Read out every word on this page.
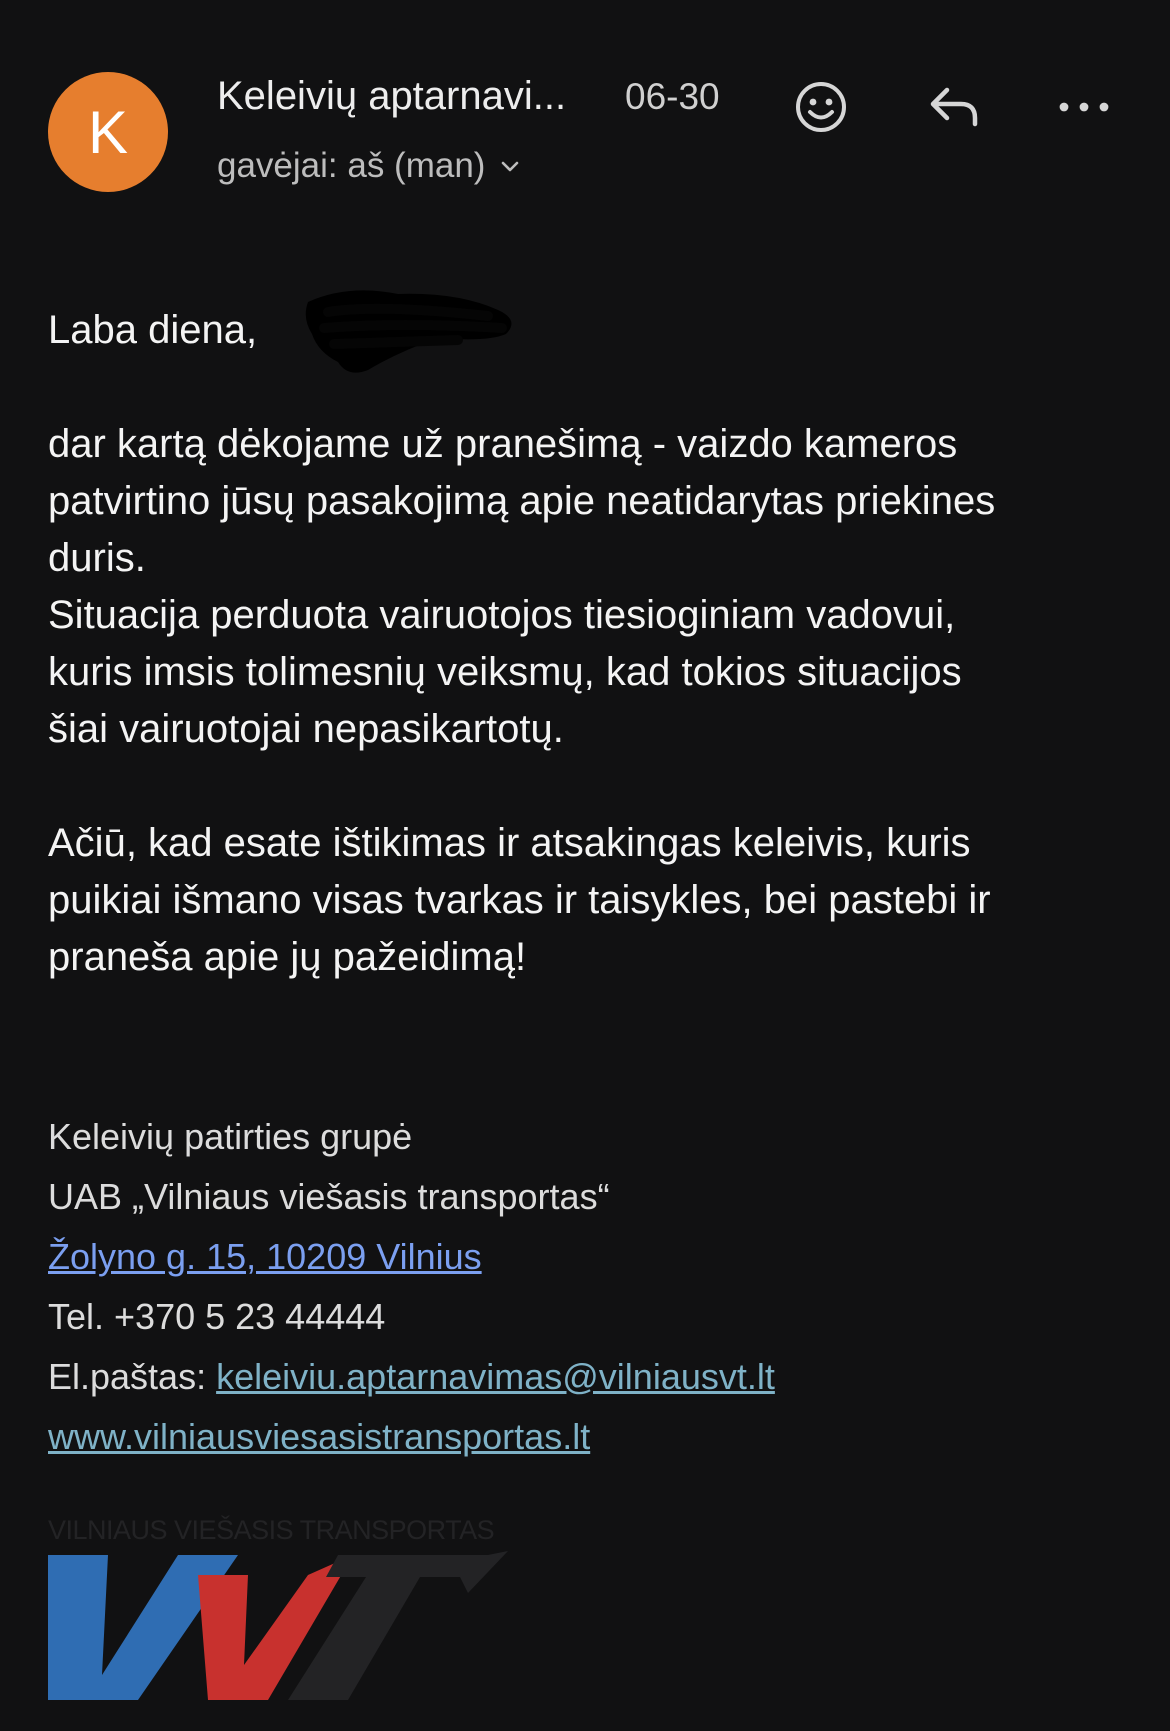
K
Keleivių aptarnavi... 06-30
gavėjai: aš (man)

Laba diena,

dar kartą dėkojame už pranešimą - vaizdo kameros

patvirtino jūsų pasakojimą apie neatidarytas priekines

duris.

Situacija perduota vairuotojos tiesioginiam vadovui,

kuris imsis tolimesnių veiksmų, kad tokios situacijos

šiai vairuotojai nepasikartotų.

Ačiū, kad esate ištikimas ir atsakingas keleivis, kuris

puikiai išmano visas tvarkas ir taisykles, bei pastebi ir

praneša apie jų pažeidimą!

Keleivių patirties grupė
UAB „Vilniaus viešasis transportas“
Žolyno g. 15, 10209 Vilnius
Tel. +370 5 23 44444
El.paštas: keleiviu.aptarnavimas@vilniausvt.lt
www.vilniausviesasistransportas.lt
VILNIAUS VIEŠASIS TRANSPORTAS
